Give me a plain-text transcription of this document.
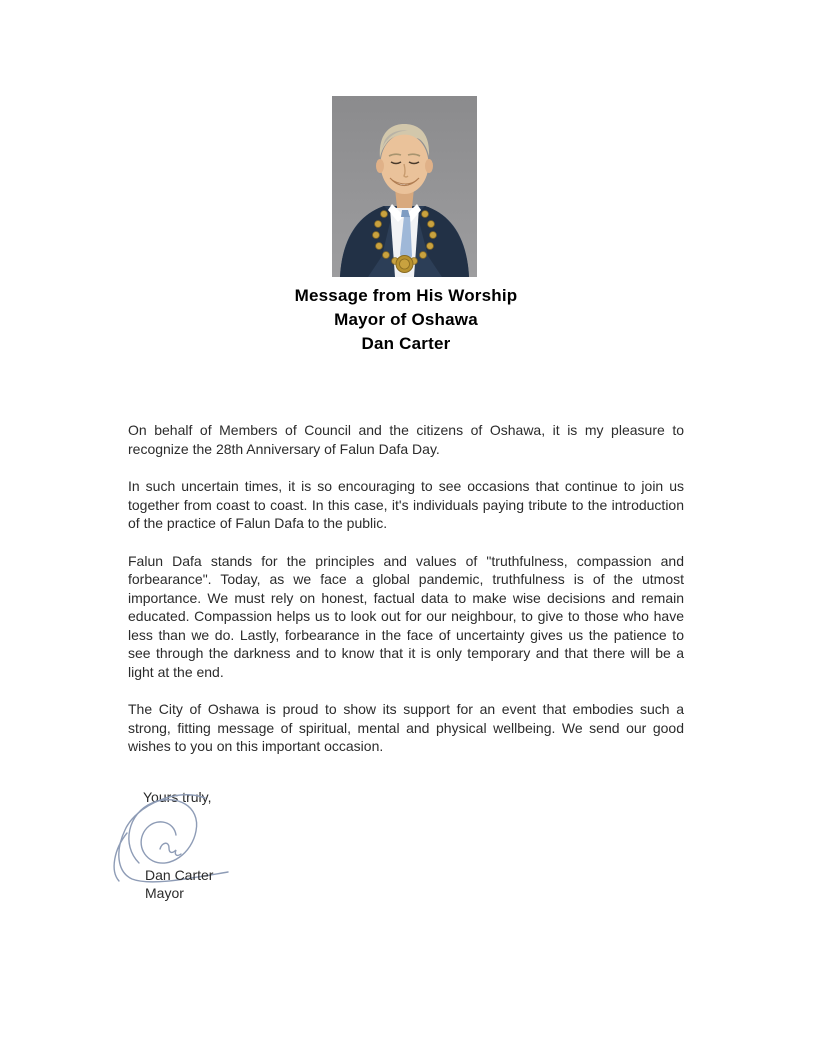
Message from His Worship
Mayor of Oshawa
Dan Carter

On behalf of Members of Council and the citizens of Oshawa, it is my pleasure to recognize the 28th Anniversary of Falun Dafa Day.

In such uncertain times, it is so encouraging to see occasions that continue to join us together from coast to coast. In this case, it's individuals paying tribute to the introduction of the practice of Falun Dafa to the public.

Falun Dafa stands for the principles and values of "truthfulness, compassion and forbearance". Today, as we face a global pandemic, truthfulness is of the utmost importance. We must rely on honest, factual data to make wise decisions and remain educated. Compassion helps us to look out for our neighbour, to give to those who have less than we do. Lastly, forbearance in the face of uncertainty gives us the patience to see through the darkness and to know that it is only temporary and that there will be a light at the end.

The City of Oshawa is proud to show its support for an event that embodies such a strong, fitting message of spiritual, mental and physical wellbeing. We send our good wishes to you on this important occasion.

Yours truly,
Dan Carter
Mayor
